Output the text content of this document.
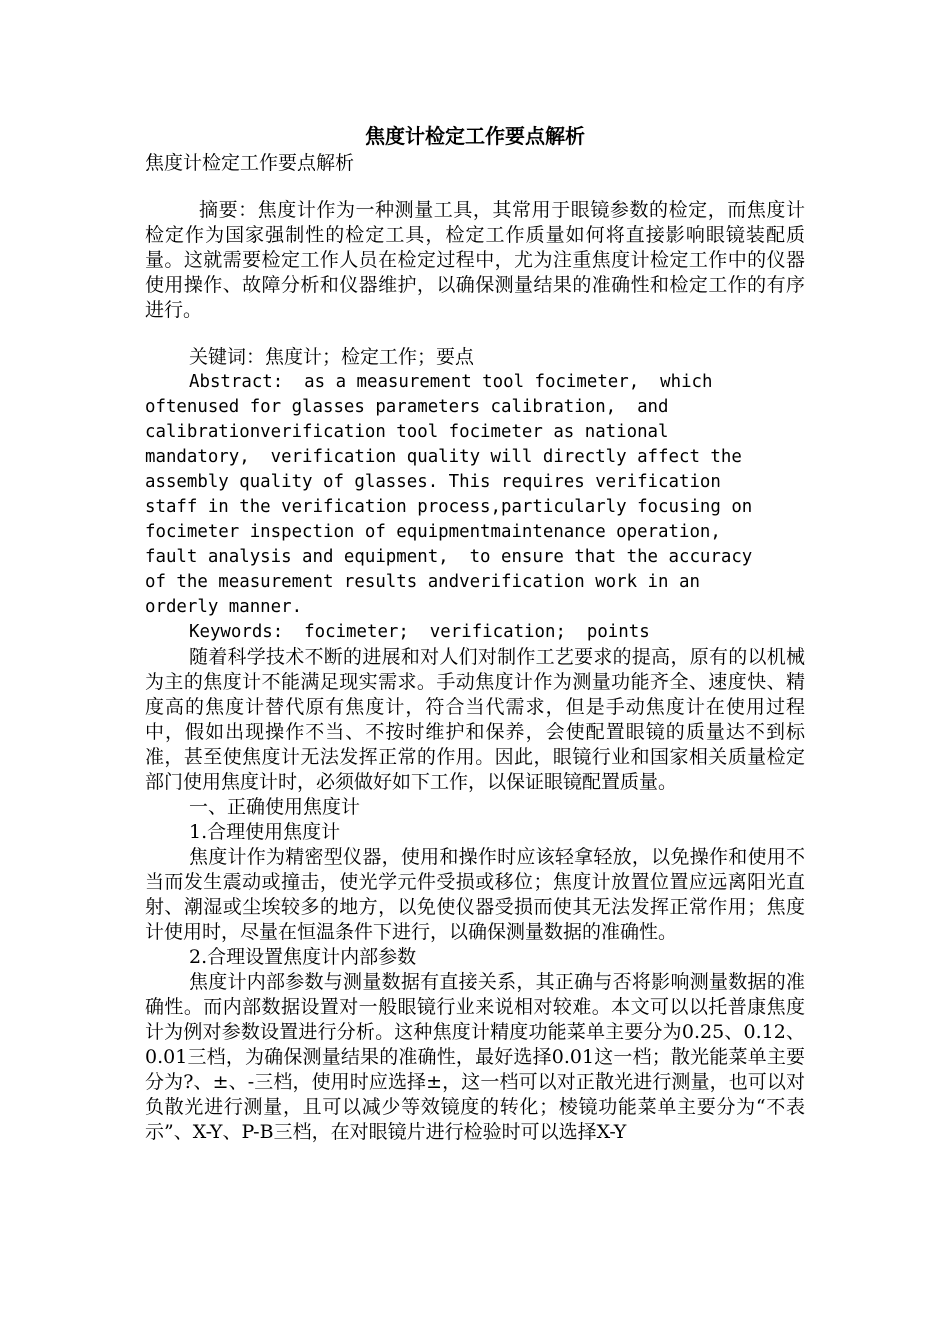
焦度计检定工作要点解析

焦度计检定工作要点解析

摘要：焦度计作为一种测量工具，其常用于眼镜参数的检定，而焦度计检定作为国家强制性的检定工具，检定工作质量如何将直接影响眼镜装配质量。这就需要检定工作人员在检定过程中，尤为注重焦度计检定工作中的仪器使用操作、故障分析和仪器维护，以确保测量结果的准确性和检定工作的有序进行。

关键词：焦度计；检定工作；要点

Abstract:  as a measurement tool focimeter,  which

oftenused for glasses parameters calibration,  and

calibrationverification tool focimeter as national

mandatory,  verification quality will directly affect the

assembly quality of glasses. This requires verification

staff in the verification process,particularly focusing on

focimeter inspection of equipmentmaintenance operation,

fault analysis and equipment,  to ensure that the accuracy

of the measurement results andverification work in an

orderly manner.

Keywords:  focimeter;  verification;  points

随着科学技术不断的进展和对人们对制作工艺要求的提高，原有的以机械为主的焦度计不能满足现实需求。手动焦度计作为测量功能齐全、速度快、精度高的焦度计替代原有焦度计，符合当代需求，但是手动焦度计在使用过程中，假如出现操作不当、不按时维护和保养，会使配置眼镜的质量达不到标准，甚至使焦度计无法发挥正常的作用。因此，眼镜行业和国家相关质量检定部门使用焦度计时，必须做好如下工作，以保证眼镜配置质量。

一、正确使用焦度计

1.合理使用焦度计

焦度计作为精密型仪器，使用和操作时应该轻拿轻放，以免操作和使用不当而发生震动或撞击，使光学元件受损或移位；焦度计放置位置应远离阳光直射、潮湿或尘埃较多的地方，以免使仪器受损而使其无法发挥正常作用；焦度计使用时，尽量在恒温条件下进行，以确保测量数据的准确性。

2.合理设置焦度计内部参数

焦度计内部参数与测量数据有直接关系，其正确与否将影响测量数据的准确性。而内部数据设置对一般眼镜行业来说相对较难。本文可以以托普康焦度计为例对参数设置进行分析。这种焦度计精度功能菜单主要分为0.25、0.12、0.01三档，为确保测量结果的准确性，最好选择0.01这一档；散光能菜单主要分为?、±、-三档，使用时应选择±，这一档可以对正散光进行测量，也可以对负散光进行测量，且可以减少等效镜度的转化；棱镜功能菜单主要分为“不表示”、X-Y、P-B三档，在对眼镜片进行检验时可以选择X-Y
